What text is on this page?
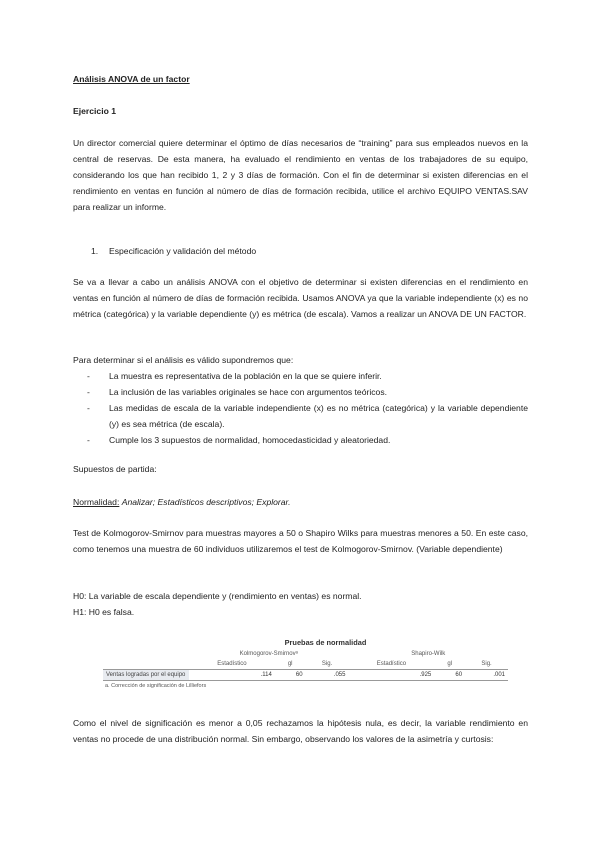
Análisis ANOVA de un factor
Ejercicio 1
Un director comercial quiere determinar el óptimo de días necesarios de “training” para sus empleados nuevos en la central de reservas. De esta manera, ha evaluado el rendimiento en ventas de los trabajadores de su equipo, considerando los que han recibido 1, 2 y 3 días de formación. Con el fin de determinar si existen diferencias en el rendimiento en ventas en función al número de días de formación recibida, utilice el archivo EQUIPO VENTAS.SAV para realizar un informe.
1. Especificación y validación del método
Se va a llevar a cabo un análisis ANOVA con el objetivo de determinar si existen diferencias en el rendimiento en ventas en función al número de días de formación recibida. Usamos ANOVA ya que la variable independiente (x) es no métrica (categórica) y la variable dependiente (y) es métrica (de escala). Vamos a realizar un ANOVA DE UN FACTOR.
Para determinar si el análisis es válido supondremos que:
- La muestra es representativa de la población en la que se quiere inferir.
- La inclusión de las variables originales se hace con argumentos teóricos.
- Las medidas de escala de la variable independiente (x) es no métrica (categórica) y la variable dependiente (y) es sea métrica (de escala).
- Cumple los 3 supuestos de normalidad, homocedasticidad y aleatoriedad.
Supuestos de partida:
Normalidad: Analizar; Estadísticos descriptivos; Explorar.
Test de Kolmogorov-Smirnov para muestras mayores a 50 o Shapiro Wilks para muestras menores a 50. En este caso, como tenemos una muestra de 60 individuos utilizaremos el test de Kolmogorov-Smirnov. (Variable dependiente)
H0: La variable de escala dependiente y (rendimiento en ventas) es normal.
H1: H0 es falsa.
Pruebas de normalidad
	Kolmogorov-Smirnovᵃ			Shapiro-Wilk		
	Estadístico	gl	Sig.	Estadístico	gl	Sig.
Ventas logradas por el equipo	.114	60	.055	.925	60	.001
a. Corrección de significación de Lilliefors
Como el nivel de significación es menor a 0,05 rechazamos la hipótesis nula, es decir, la variable rendimiento en ventas no procede de una distribución normal. Sin embargo, observando los valores de la asimetría y curtosis:
